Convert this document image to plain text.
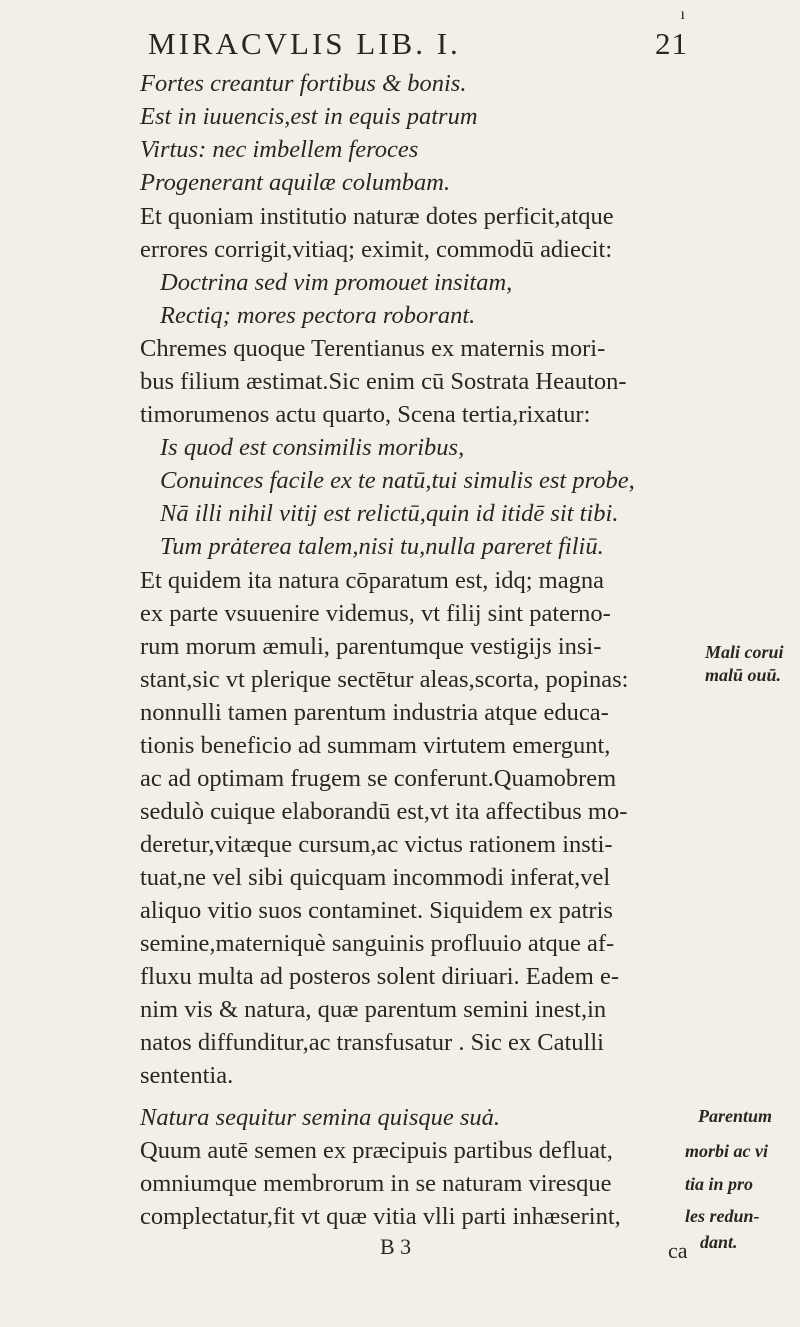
ı
MIRACVLIS LIB. I.	21
Fortes creantur fortibus & bonis.
Est in iuuencis,est in equis patrum
Virtus: nec imbellem feroces
Progenerant aquilæ columbam.
Et quoniam institutio naturæ dotes perficit,atque
errores corrigit,vitiaq; eximit, commodū adiecit:
Doctrina sed vim promouet insitam,
Rectiq; mores pectora roborant.
Chremes quoque Terentianus ex maternis mori-
bus filium æstimat.Sic enim cū Sostrata Heauton-
timorumenos actu quarto, Scena tertia,rixatur:
Is quod est consimilis moribus,
Conuinces facile ex te natū,tui simulis est probe,
Nā illi nihil vitij est relictū,quin id itidē sit tibi.
Tum prȧterea talem,nisi tu,nulla pareret filiū.
Et quidem ita natura cōparatum est, idq; magna
ex parte vsuuenire videmus, vt filij sint paterno-
rum morum æmuli, parentumque vestigijs insi-
stant,sic vt plerique sectētur aleas,scorta, popinas:
nonnulli tamen parentum industria atque educa-
tionis beneficio ad summam virtutem emergunt,
ac ad optimam frugem se conferunt.Quamobrem
sedulò cuique elaborandū est,vt ita affectibus mo-
deretur,vitæque cursum,ac victus rationem insti-
tuat,ne vel sibi quicquam incommodi inferat,vel
aliquo vitio suos contaminet. Siquidem ex patris
semine,materniquè sanguinis profluuio atque af-
fluxu multa ad posteros solent diriuari. Eadem e-
nim vis & natura, quæ parentum semini inest,in
natos diffunditur,ac transfusatur . Sic ex Catulli
sententia.
Natura sequitur semina quisque suȧ.
Quum autē semen ex præcipuis partibus defluat,
omniumque membrorum in se naturam viresque
complectatur,fit vt quæ vitia vlli parti inhæserint,
Mali corui
malū ouū.
Parentum
morbi ac vi
tia in pro
les redun-
dant.
B 3	ca
